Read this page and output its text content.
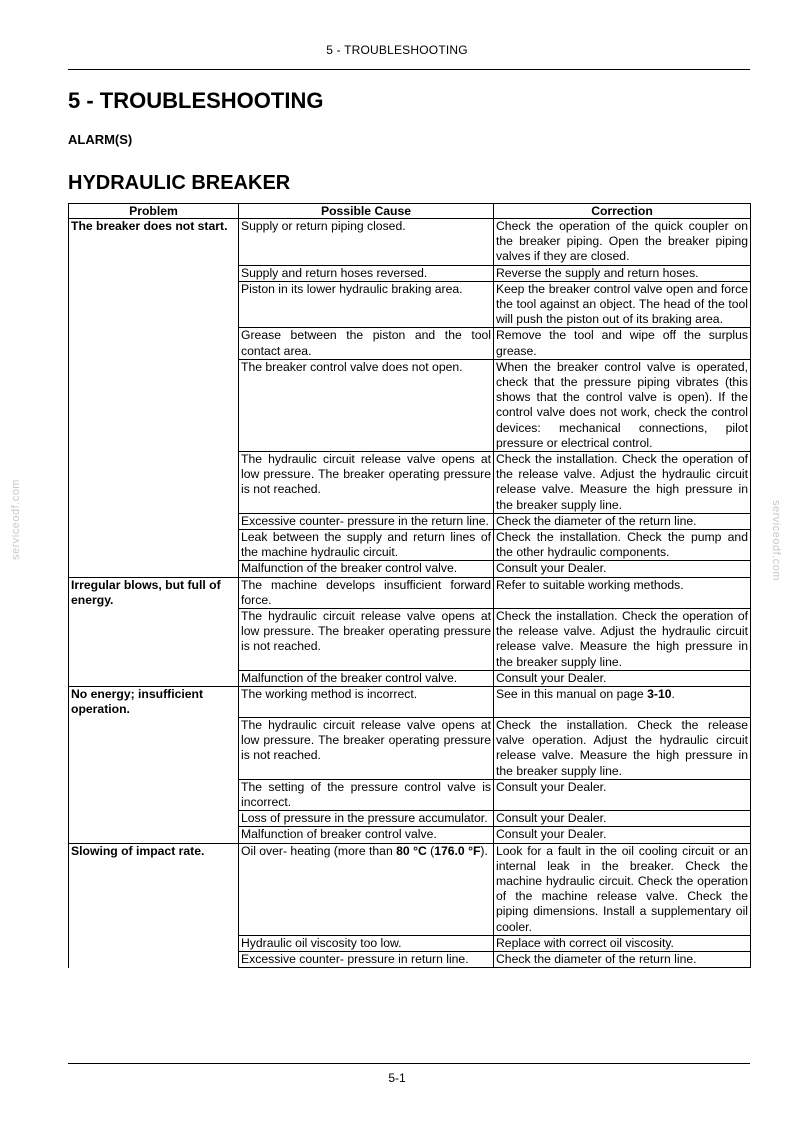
5 - TROUBLESHOOTING
5 - TROUBLESHOOTING
ALARM(S)
HYDRAULIC BREAKER
Problem	Possible Cause	Correction
The breaker does not start.	Supply or return piping closed.	Check the operation of the quick coupler on the breaker piping. Open the breaker piping valves if they are closed.
	Supply and return hoses reversed.	Reverse the supply and return hoses.
	Piston in its lower hydraulic braking area.	Keep the breaker control valve open and force the tool against an object. The head of the tool will push the piston out of its braking area.
	Grease between the piston and the tool contact area.	Remove the tool and wipe off the surplus grease.
	The breaker control valve does not open.	When the breaker control valve is operated, check that the pressure piping vibrates (this shows that the control valve is open). If the control valve does not work, check the control devices: mechanical connections, pilot pressure or electrical control.
	The hydraulic circuit release valve opens at low pressure. The breaker operating pressure is not reached.	Check the installation. Check the operation of the release valve. Adjust the hydraulic circuit release valve. Measure the high pressure in the breaker supply line.
	Excessive counter- pressure in the return line.	Check the diameter of the return line.
	Leak between the supply and return lines of the machine hydraulic circuit.	Check the installation. Check the pump and the other hydraulic components.
	Malfunction of the breaker control valve.	Consult your Dealer.
Irregular blows, but full of energy.	The machine develops insufficient forward force.	Refer to suitable working methods.
	The hydraulic circuit release valve opens at low pressure. The breaker operating pressure is not reached.	Check the installation. Check the operation of the release valve. Adjust the hydraulic circuit release valve. Measure the high pressure in the breaker supply line.
	Malfunction of the breaker control valve.	Consult your Dealer.
No energy; insufficient operation.	The working method is incorrect.	See in this manual on page 3-10.
	The hydraulic circuit release valve opens at low pressure. The breaker operating pressure is not reached.	Check the installation. Check the release valve operation. Adjust the hydraulic circuit release valve. Measure the high pressure in the breaker supply line.
	The setting of the pressure control valve is incorrect.	Consult your Dealer.
	Loss of pressure in the pressure accumulator.	Consult your Dealer.
	Malfunction of breaker control valve.	Consult your Dealer.
Slowing of impact rate.	Oil over- heating (more than 80 °C (176.0 °F).	Look for a fault in the oil cooling circuit or an internal leak in the breaker. Check the machine hydraulic circuit. Check the operation of the machine release valve. Check the piping dimensions. Install a supplementary oil cooler.
	Hydraulic oil viscosity too low.	Replace with correct oil viscosity.
	Excessive counter- pressure in return line.	Check the diameter of the return line.
serviceodf.com	serviceodf.com
5-1
